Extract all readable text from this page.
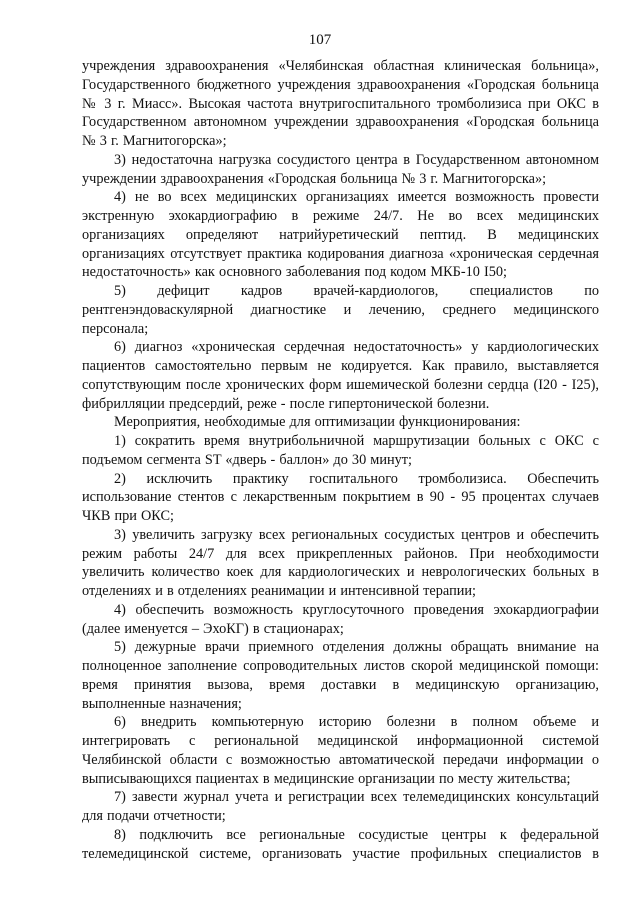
107

учреждения здравоохранения «Челябинская областная клиническая больница», Государственного бюджетного учреждения здравоохранения «Городская больница № 3 г. Миасс». Высокая частота внутригоспитального тромболизиса при ОКС в Государственном автономном учреждении здравоохранения «Городская больница № 3 г. Магнитогорска»;

3) недостаточна нагрузка сосудистого центра в Государственном автономном учреждении здравоохранения «Городская больница № 3 г. Магнитогорска»;

4) не во всех медицинских организациях имеется возможность провести экстренную эхокардиографию в режиме 24/7. Не во всех медицинских организациях определяют натрийуретический пептид. В медицинских организациях отсутствует практика кодирования диагноза «хроническая сердечная недостаточность» как основного заболевания под кодом МКБ-10 I50;

5) дефицит кадров врачей-кардиологов, специалистов по рентгенэндоваскулярной диагностике и лечению, среднего медицинского персонала;

6) диагноз «хроническая сердечная недостаточность» у кардиологических пациентов самостоятельно первым не кодируется. Как правило, выставляется сопутствующим после хронических форм ишемической болезни сердца (I20 - I25), фибрилляции предсердий, реже - после гипертонической болезни.

Мероприятия, необходимые для оптимизации функционирования:

1) сократить время внутрибольничной маршрутизации больных с ОКС с подъемом сегмента ST «дверь - баллон» до 30 минут;

2) исключить практику госпитального тромболизиса. Обеспечить использование стентов с лекарственным покрытием в 90 - 95 процентах случаев ЧКВ при ОКС;

3) увеличить загрузку всех региональных сосудистых центров и обеспечить режим работы 24/7 для всех прикрепленных районов. При необходимости увеличить количество коек для кардиологических и неврологических больных в отделениях и в отделениях реанимации и интенсивной терапии;

4) обеспечить возможность круглосуточного проведения эхокардиографии (далее именуется – ЭхоКГ) в стационарах;

5) дежурные врачи приемного отделения должны обращать внимание на полноценное заполнение сопроводительных листов скорой медицинской помощи: время принятия вызова, время доставки в медицинскую организацию, выполненные назначения;

6) внедрить компьютерную историю болезни в полном объеме и интегрировать с региональной медицинской информационной системой Челябинской области с возможностью автоматической передачи информации о выписывающихся пациентах в медицинские организации по месту жительства;

7) завести журнал учета и регистрации всех телемедицинских консультаций для подачи отчетности;

8) подключить все региональные сосудистые центры к федеральной телемедицинской системе, организовать участие профильных специалистов в
